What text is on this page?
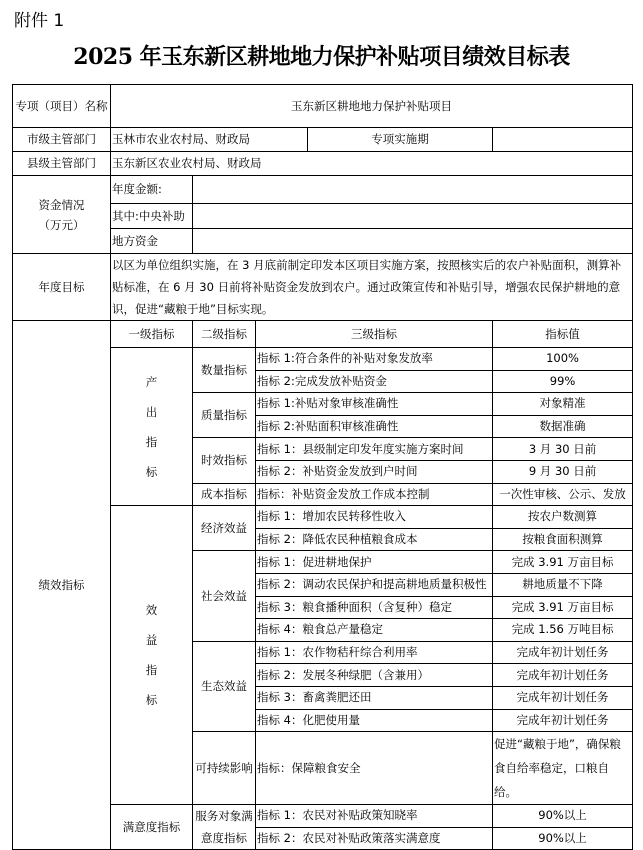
附件 1
2025 年玉东新区耕地地力保护补贴项目绩效目标表
专项（项目）名称	玉东新区耕地地力保护补贴项目				
市级主管部门	玉林市农业农村局、财政局			专项实施期	
县级主管部门	玉东新区农业农村局、财政局				
资金情况（万元）	年度金额:				
	其中:中央补助				
	地方资金				
年度目标	以区为单位组织实施，在 3 月底前制定印发本区项目实施方案，按照核实后的农户补贴面积，测算补贴标准，在 6 月 30 日前将补贴资金发放到农户。通过政策宣传和补贴引导，增强农民保护耕地的意识，促进“藏粮于地”目标实现。				
绩效指标	一级指标	二级指标	三级指标		指标值
	产出指标	数量指标	指标 1:符合条件的补贴对象发放率		100%
			指标 2:完成发放补贴资金		99%
		质量指标	指标 1:补贴对象审核准确性		对象精准
			指标 2:补贴面积审核准确性		数据准确
		时效指标	指标 1：县级制定印发年度实施方案时间		3 月 30 日前
			指标 2：补贴资金发放到户时间		9 月 30 日前
		成本指标	指标：补贴资金发放工作成本控制		一次性审核、公示、发放
	效益指标	经济效益	指标 1：增加农民转移性收入		按农户数测算
			指标 2：降低农民种植粮食成本		按粮食面积测算
		社会效益	指标 1：促进耕地保护		完成 3.91 万亩目标
			指标 2：调动农民保护和提高耕地质量积极性		耕地质量不下降
			指标 3：粮食播种面积（含复种）稳定		完成 3.91 万亩目标
			指标 4：粮食总产量稳定		完成 1.56 万吨目标
		生态效益	指标 1：农作物秸秆综合利用率		完成年初计划任务
			指标 2：发展冬种绿肥（含兼用）		完成年初计划任务
			指标 3：畜禽粪肥还田		完成年初计划任务
			指标 4：化肥使用量		完成年初计划任务
		可持续影响	指标：保障粮食安全		促进“藏粮于地”，确保粮食自给率稳定，口粮自给。
	满意度指标	服务对象满意度指标	指标 1：农民对补贴政策知晓率		90%以上
			指标 2：农民对补贴政策落实满意度		90%以上
